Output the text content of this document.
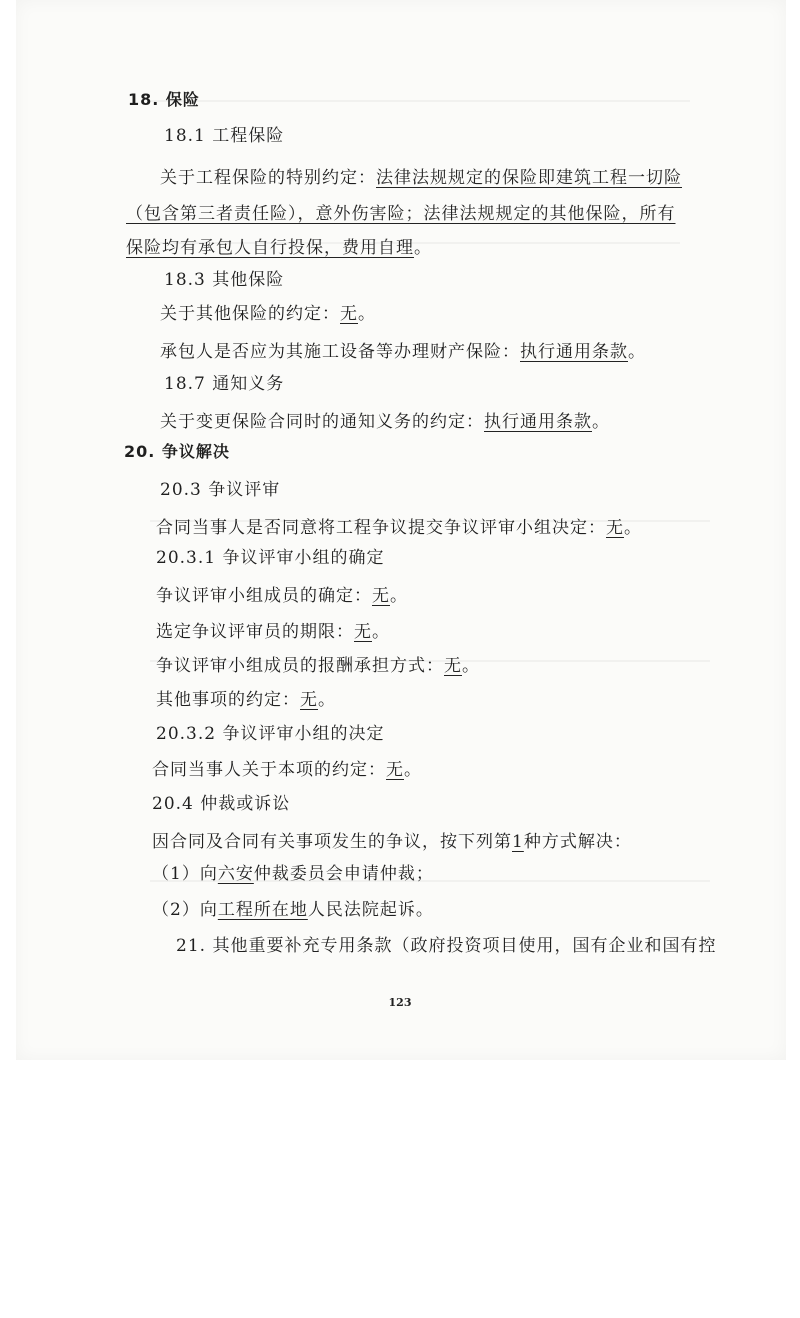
18. 保险
18.1 工程保险
关于工程保险的特别约定：法律法规规定的保险即建筑工程一切险
（包含第三者责任险），意外伤害险；法律法规规定的其他保险，所有
保险均有承包人自行投保，费用自理。
18.3 其他保险
关于其他保险的约定：无。
承包人是否应为其施工设备等办理财产保险：执行通用条款。
18.7 通知义务
关于变更保险合同时的通知义务的约定：执行通用条款。
20. 争议解决
20.3 争议评审
合同当事人是否同意将工程争议提交争议评审小组决定：无。
20.3.1 争议评审小组的确定
争议评审小组成员的确定：无。
选定争议评审员的期限：无。
争议评审小组成员的报酬承担方式：无。
其他事项的约定：无。
20.3.2 争议评审小组的决定
合同当事人关于本项的约定：无。
20.4 仲裁或诉讼
因合同及合同有关事项发生的争议，按下列第1种方式解决：
（1）向六安仲裁委员会申请仲裁；
（2）向工程所在地人民法院起诉。
21. 其他重要补充专用条款（政府投资项目使用，国有企业和国有控
123
